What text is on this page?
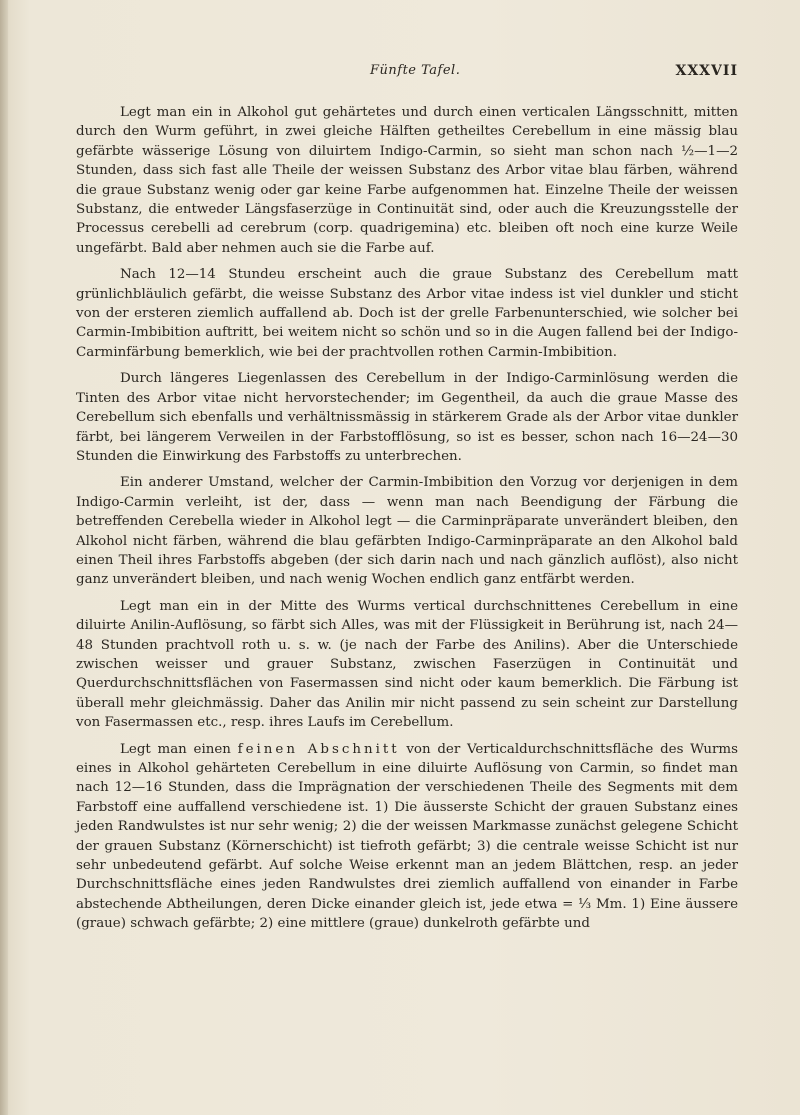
Fünfte Tafel.	XXXVII

Legt man ein in Alkohol gut gehärtetes und durch einen verticalen Längsschnitt, mitten durch den Wurm geführt, in zwei gleiche Hälften getheiltes Cerebellum in eine mässig blau gefärbte wässerige Lösung von diluirtem Indigo-Carmin, so sieht man schon nach ½—1—2 Stunden, dass sich fast alle Theile der weissen Substanz des Arbor vitae blau färben, während die graue Substanz wenig oder gar keine Farbe aufgenommen hat. Einzelne Theile der weissen Substanz, die entweder Längsfaserzüge in Continuität sind, oder auch die Kreuzungsstelle der Processus cerebelli ad cerebrum (corp. quadrigemina) etc. bleiben oft noch eine kurze Weile ungefärbt. Bald aber nehmen auch sie die Farbe auf.

Nach 12—14 Stundeu erscheint auch die graue Substanz des Cerebellum matt grünlichbläulich gefärbt, die weisse Substanz des Arbor vitae indess ist viel dunkler und sticht von der ersteren ziemlich auffallend ab. Doch ist der grelle Farbenunterschied, wie solcher bei Carmin-Imbibition auftritt, bei weitem nicht so schön und so in die Augen fallend bei der Indigo-Carminfärbung bemerklich, wie bei der prachtvollen rothen Carmin-Imbibition.

Durch längeres Liegenlassen des Cerebellum in der Indigo-Carminlösung werden die Tinten des Arbor vitae nicht hervorstechender; im Gegentheil, da auch die graue Masse des Cerebellum sich ebenfalls und verhältnissmässig in stärkerem Grade als der Arbor vitae dunkler färbt, bei längerem Verweilen in der Farbstofflösung, so ist es besser, schon nach 16—24—30 Stunden die Einwirkung des Farbstoffs zu unterbrechen.

Ein anderer Umstand, welcher der Carmin-Imbibition den Vorzug vor derjenigen in dem Indigo-Carmin verleiht, ist der, dass — wenn man nach Beendigung der Färbung die betreffenden Cerebella wieder in Alkohol legt — die Carminpräparate unverändert bleiben, den Alkohol nicht färben, während die blau gefärbten Indigo-Carminpräparate an den Alkohol bald einen Theil ihres Farbstoffs abgeben (der sich darin nach und nach gänzlich auflöst), also nicht ganz unverändert bleiben, und nach wenig Wochen endlich ganz entfärbt werden.

Legt man ein in der Mitte des Wurms vertical durchschnittenes Cerebellum in eine diluirte Anilin-Auflösung, so färbt sich Alles, was mit der Flüssigkeit in Berührung ist, nach 24—48 Stunden prachtvoll roth u. s. w. (je nach der Farbe des Anilins). Aber die Unterschiede zwischen weisser und grauer Substanz, zwischen Faserzügen in Continuität und Querdurchschnittsflächen von Fasermassen sind nicht oder kaum bemerklich. Die Färbung ist überall mehr gleichmässig. Daher das Anilin mir nicht passend zu sein scheint zur Darstellung von Fasermassen etc., resp. ihres Laufs im Cerebellum.

Legt man einen feinen Abschnitt von der Verticaldurchschnittsfläche des Wurms eines in Alkohol gehärteten Cerebellum in eine diluirte Auflösung von Carmin, so findet man nach 12—16 Stunden, dass die Imprägnation der verschiedenen Theile des Segments mit dem Farbstoff eine auffallend verschiedene ist. 1) Die äusserste Schicht der grauen Substanz eines jeden Randwulstes ist nur sehr wenig; 2) die der weissen Markmasse zunächst gelegene Schicht der grauen Substanz (Körnerschicht) ist tiefroth gefärbt; 3) die centrale weisse Schicht ist nur sehr unbedeutend gefärbt. Auf solche Weise erkennt man an jedem Blättchen, resp. an jeder Durchschnittsfläche eines jeden Randwulstes drei ziemlich auffallend von einander in Farbe abstechende Abtheilungen, deren Dicke einander gleich ist, jede etwa = ⅓ Mm. 1) Eine äussere (graue) schwach gefärbte; 2) eine mittlere (graue) dunkelroth gefärbte und
